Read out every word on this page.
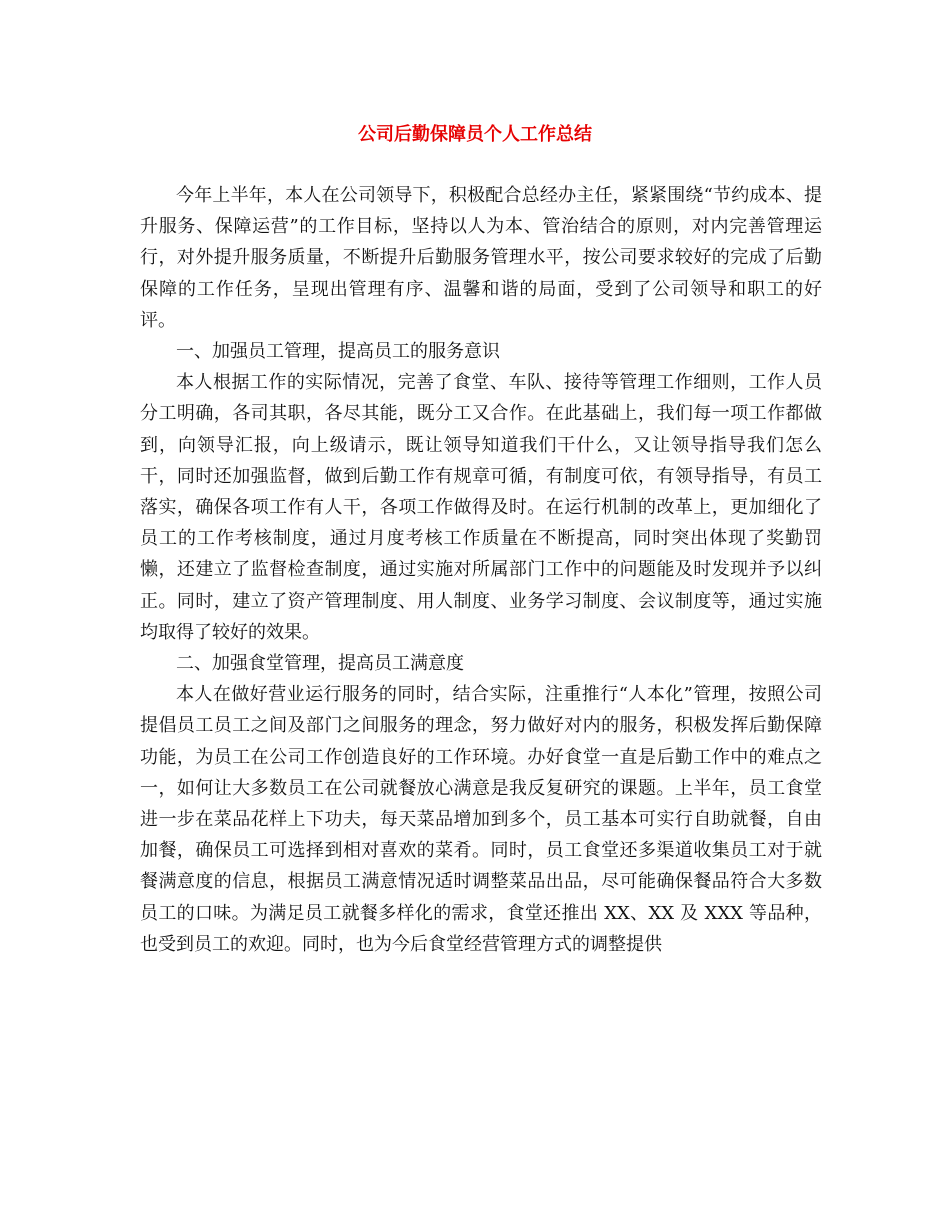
公司后勤保障员个人工作总结

今年上半年，本人在公司领导下，积极配合总经办主任，紧紧围绕“节约成本、提升服务、保障运营”的工作目标，坚持以人为本、管治结合的原则，对内完善管理运行，对外提升服务质量，不断提升后勤服务管理水平，按公司要求较好的完成了后勤保障的工作任务，呈现出管理有序、温馨和谐的局面，受到了公司领导和职工的好评。

一、加强员工管理，提高员工的服务意识

本人根据工作的实际情况，完善了食堂、车队、接待等管理工作细则，工作人员分工明确，各司其职，各尽其能，既分工又合作。在此基础上，我们每一项工作都做到，向领导汇报，向上级请示，既让领导知道我们干什么，又让领导指导我们怎么干，同时还加强监督，做到后勤工作有规章可循，有制度可依，有领导指导，有员工落实，确保各项工作有人干，各项工作做得及时。在运行机制的改革上，更加细化了员工的工作考核制度，通过月度考核工作质量在不断提高，同时突出体现了奖勤罚懒，还建立了监督检查制度，通过实施对所属部门工作中的问题能及时发现并予以纠正。同时，建立了资产管理制度、用人制度、业务学习制度、会议制度等，通过实施均取得了较好的效果。

二、加强食堂管理，提高员工满意度

本人在做好营业运行服务的同时，结合实际，注重推行“人本化”管理，按照公司提倡员工员工之间及部门之间服务的理念，努力做好对内的服务，积极发挥后勤保障功能，为员工在公司工作创造良好的工作环境。办好食堂一直是后勤工作中的难点之一，如何让大多数员工在公司就餐放心满意是我反复研究的课题。上半年，员工食堂进一步在菜品花样上下功夫，每天菜品增加到多个，员工基本可实行自助就餐，自由加餐，确保员工可选择到相对喜欢的菜肴。同时，员工食堂还多渠道收集员工对于就餐满意度的信息，根据员工满意情况适时调整菜品出品，尽可能确保餐品符合大多数员工的口味。为满足员工就餐多样化的需求，食堂还推出 XX、XX 及 XXX 等品种，也受到员工的欢迎。同时，也为今后食堂经营管理方式的调整提供
